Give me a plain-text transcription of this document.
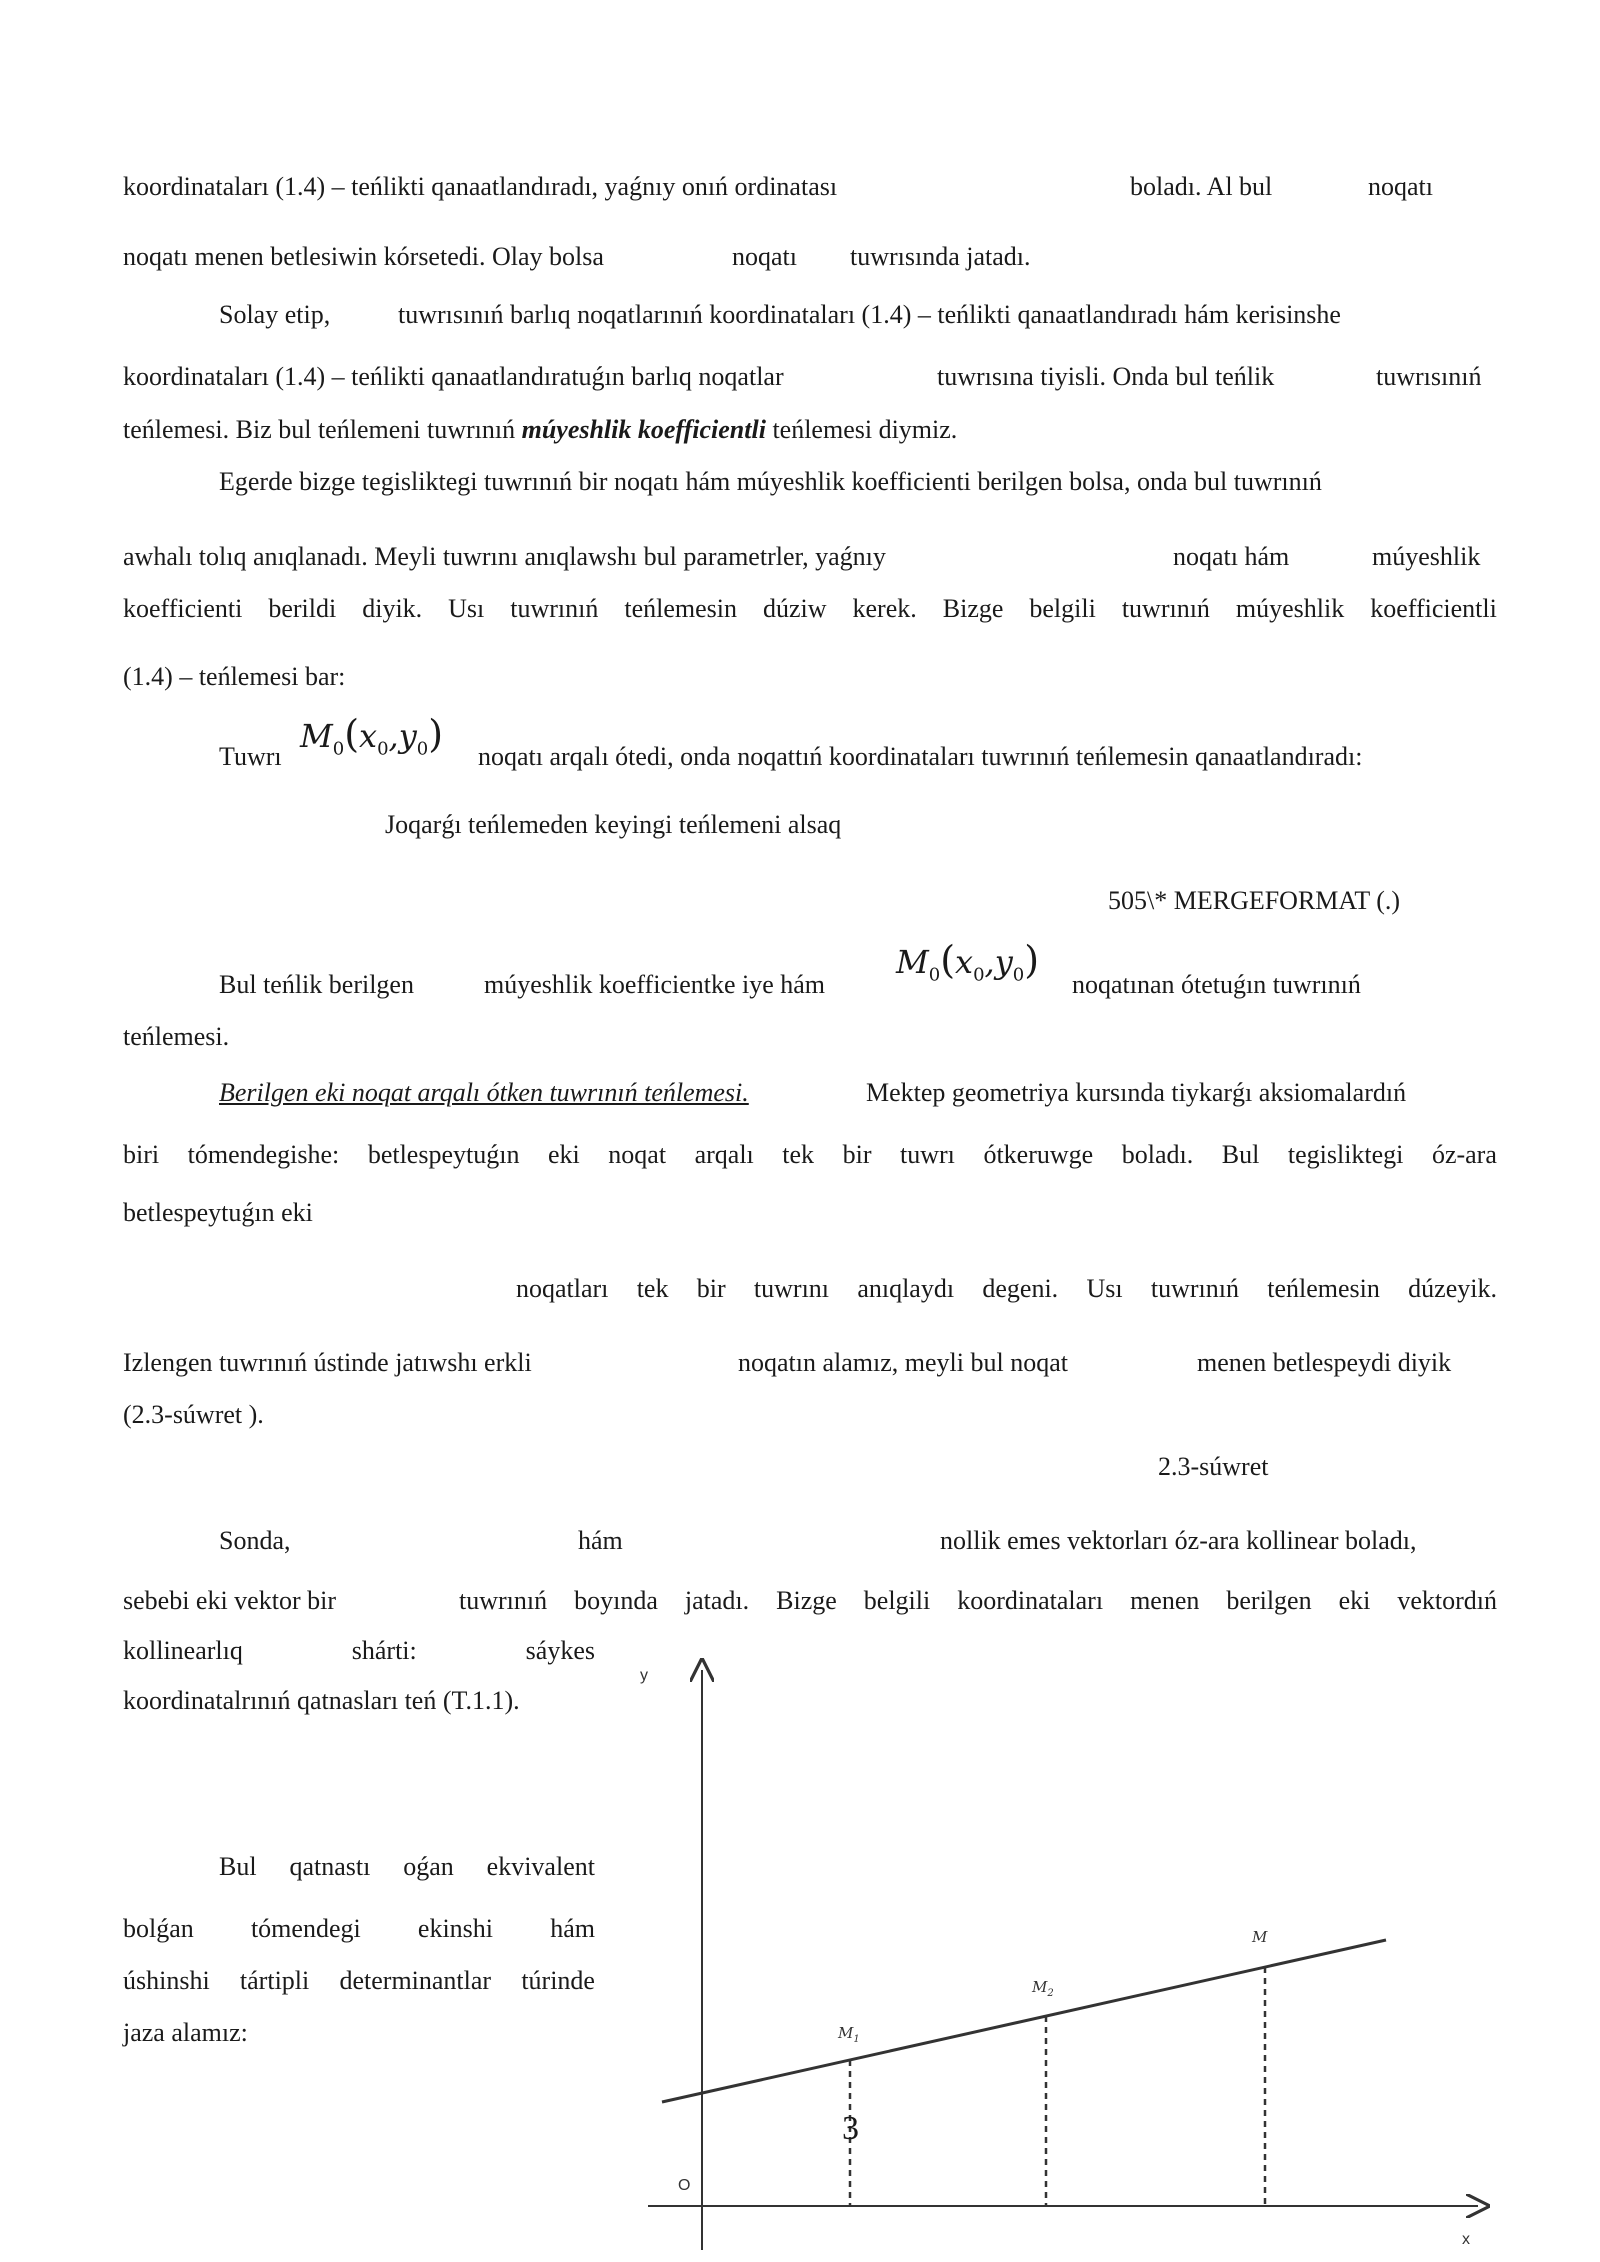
koordinataları (1.4) – teńlikti qanaatlandıradı, yaǵnıy onıń ordinatası	boladı. Al bul	noqatı
noqatı menen betlesiwin kórsetedi. Olay bolsa	noqatı tuwrısında jatadı.
Solay etip,	tuwrısınıń barlıq noqatlarınıń koordinataları (1.4) – teńlikti qanaatlandıradı hám kerisinshe
koordinataları (1.4) – teńlikti qanaatlandıratuǵın barlıq noqatlar	tuwrısına tiyisli. Onda bul teńlik	tuwrısınıń
teńlemesi. Biz bul teńlemeni tuwrınıń múyeshlik koefficientli teńlemesi diymiz.
Egerde bizge tegisliktegi tuwrınıń bir noqatı hám múyeshlik koefficienti berilgen bolsa, onda bul tuwrınıń
awhalı tolıq anıqlanadı. Meyli tuwrını anıqlawshı bul parametrler, yaǵnıy	noqatı hám	múyeshlik
koefficienti berildi diyik. Usı tuwrınıń teńlemesin dúziw kerek. Bizge belgili tuwrınıń múyeshlik koefficientli
(1.4) – teńlemesi bar:
Tuwrı
$M_0(x_0,y_0)$
noqatı arqalı ótedi, onda noqattıń koordinataları tuwrınıń teńlemesin qanaatlandıradı:
Joqarǵı teńlemeden keyingi teńlemeni alsaq
505\* MERGEFORMAT (.)
Bul teńlik berilgen	múyeshlik koefficientke iye hám
$M_0(x_0,y_0)$
noqatınan ótetuǵın tuwrınıń
teńlemesi.
Berilgen eki noqat arqalı ótken tuwrınıń teńlemesi.	Mektep geometriya kursında tiykarǵı aksiomalardıń
biri tómendegishe: betlespeytuǵın eki noqat arqalı tek bir tuwrı ótkeruwge boladı. Bul tegisliktegi óz-ara
betlespeytuǵın eki
noqatları tek bir tuwrını anıqlaydı degeni. Usı tuwrınıń teńlemesin dúzeyik.
Izlengen tuwrınıń ústinde jatıwshı erkli	noqatın alamız, meyli bul noqat	menen betlespeydi diyik
(2.3-súwret ).
2.3-súwret
Sonda,	hám	nollik emes vektorları óz-ara kollinear boladı,
sebebi eki vektor bir	tuwrınıń boyında jatadı. Bizge belgili koordinataları menen berilgen eki vektordıń
kollinearlıq	shárti:	sáykes
koordinatalrınıń qatnasları teń (T.1.1).
Bul qatnastı oǵan ekvivalent
bolǵan tómendegi ekinshi hám
úshinshi tártipli determinantlar túrinde
jaza alamız:
y
x
O
$M_1$
$M_2$
M
3
